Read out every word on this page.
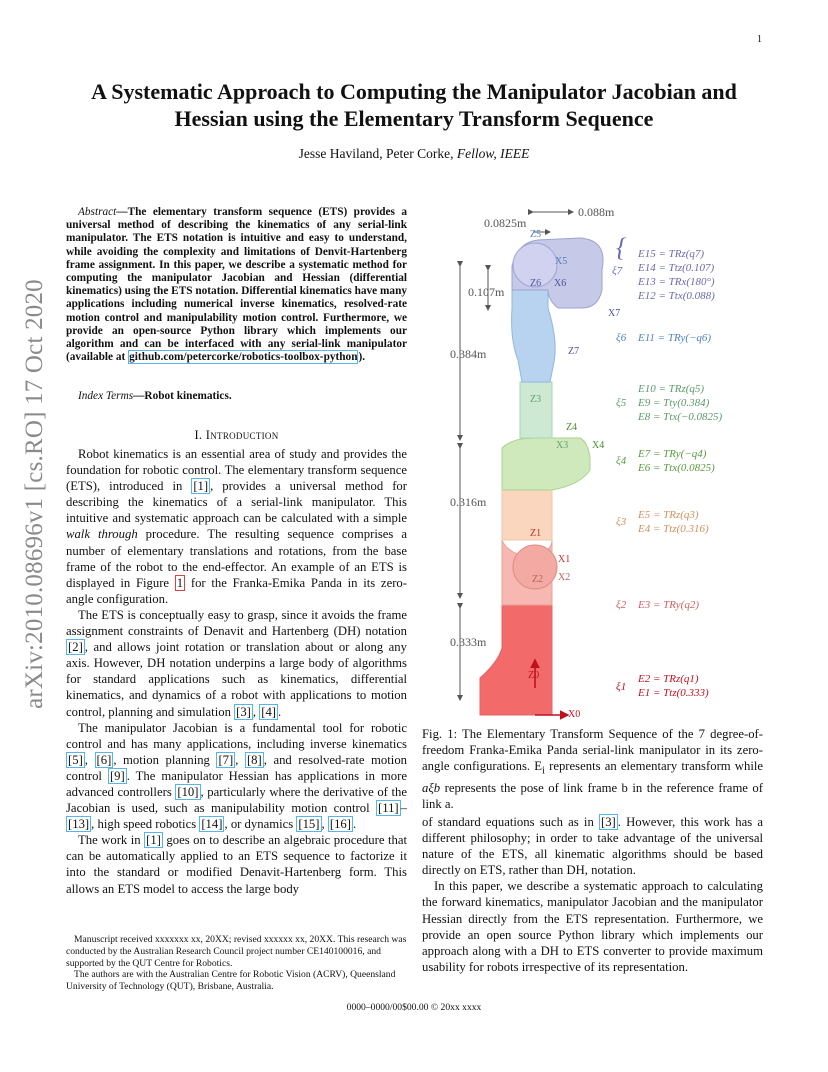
1
arXiv:2010.08696v1 [cs.RO] 17 Oct 2020
A Systematic Approach to Computing the Manipulator Jacobian and
Hessian using the Elementary Transform Sequence
Jesse Haviland, Peter Corke, Fellow, IEEE
Abstract—The elementary transform sequence (ETS) provides a universal method of describing the kinematics of any serial-link manipulator. The ETS notation is intuitive and easy to understand, while avoiding the complexity and limitations of Denvit-Hartenberg frame assignment. In this paper, we describe a systematic method for computing the manipulator Jacobian and Hessian (differential kinematics) using the ETS notation. Differential kinematics have many applications including numerical inverse kinematics, resolved-rate motion control and manipulability motion control. Furthermore, we provide an open-source Python library which implements our algorithm and can be interfaced with any serial-link manipulator (available at github.com/petercorke/robotics-toolbox-python).
Index Terms—Robot kinematics.
I. Introduction

Robot kinematics is an essential area of study and provides the foundation for robotic control. The elementary transform sequence (ETS), introduced in [1] , provides a universal method for describing the kinematics of a serial-link manipulator. This intuitive and systematic approach can be calculated with a simple walk through procedure. The resulting sequence comprises a number of elementary translations and rotations, from the base frame of the robot to the end-effector. An example of an ETS is displayed in Figure 1 for the Franka-Emika Panda in its zero-angle configuration.

The ETS is conceptually easy to grasp, since it avoids the frame assignment constraints of Denavit and Hartenberg (DH) notation [2] , and allows joint rotation or translation about or along any axis. However, DH notation underpins a large body of algorithms for standard applications such as kinematics, differential kinematics, and dynamics of a robot with applications to motion control, planning and simulation [3] , [4] .

The manipulator Jacobian is a fundamental tool for robotic control and has many applications, including inverse kinematics [5] , [6] , motion planning [7] , [8] , and resolved-rate motion control [9] . The manipulator Hessian has applications in more advanced controllers [10] , particularly where the derivative of the Jacobian is used, such as manipulability motion control [11] –[13] , high speed robotics [14] , or dynamics [15] , [16] .

The work in [1] goes on to describe an algebraic procedure that can be automatically applied to an ETS sequence to factorize it into the standard or modified Denavit-Hartenberg form. This allows an ETS model to access the large body

Manuscript received xxxxxxx xx, 20XX; revised xxxxxx xx, 20XX. This research was conducted by the Australian Research Council project number CE140100016, and supported by the QUT Centre for Robotics.

The authors are with the Australian Centre for Robotic Vision (ACRV), Queensland University of Technology (QUT), Brisbane, Australia.

0.088m
0.0825m
0.107m
0.384m
0.316m
0.333m
Z0
X0
Z1
X1
Z2 X2
Z3
Z4
X3 X4
Z5
Z6 X6
X5
X7
Z7
ξ7
{ E15 = TRz(q7)
E14 = Ttz(0.107)
E13 = TRx(180°)
E12 = Ttx(0.088)
ξ6 E11 = TRy(−q6)
ξ5
E10 = TRz(q5)
E9 = Tty(0.384)
E8 = Ttx(−0.0825)
ξ4
E7 = TRy(−q4)
E6 = Ttx(0.0825)
ξ3
E5 = TRz(q3)
E4 = Ttz(0.316)
ξ2 E3 = TRy(q2)
ξ1
E2 = TRz(q1)
E1 = Ttz(0.333)
Fig. 1: The Elementary Transform Sequence of the 7 degree-of-freedom Franka-Emika Panda serial-link manipulator in its zero-angle configurations. $E_i$ represents an elementary transform while aξb represents the pose of link frame b in the reference frame of link a.

of standard equations such as in [3] . However, this work has a different philosophy; in order to take advantage of the universal nature of the ETS, all kinematic algorithms should be based directly on ETS, rather than DH, notation.

In this paper, we describe a systematic approach to calculating the forward kinematics, manipulator Jacobian and the manipulator Hessian directly from the ETS representation. Furthermore, we provide an open source Python library which implements our approach along with a DH to ETS converter to provide maximum usability for robots irrespective of its representation.

0000–0000/00$00.00 © 20xx xxxx
